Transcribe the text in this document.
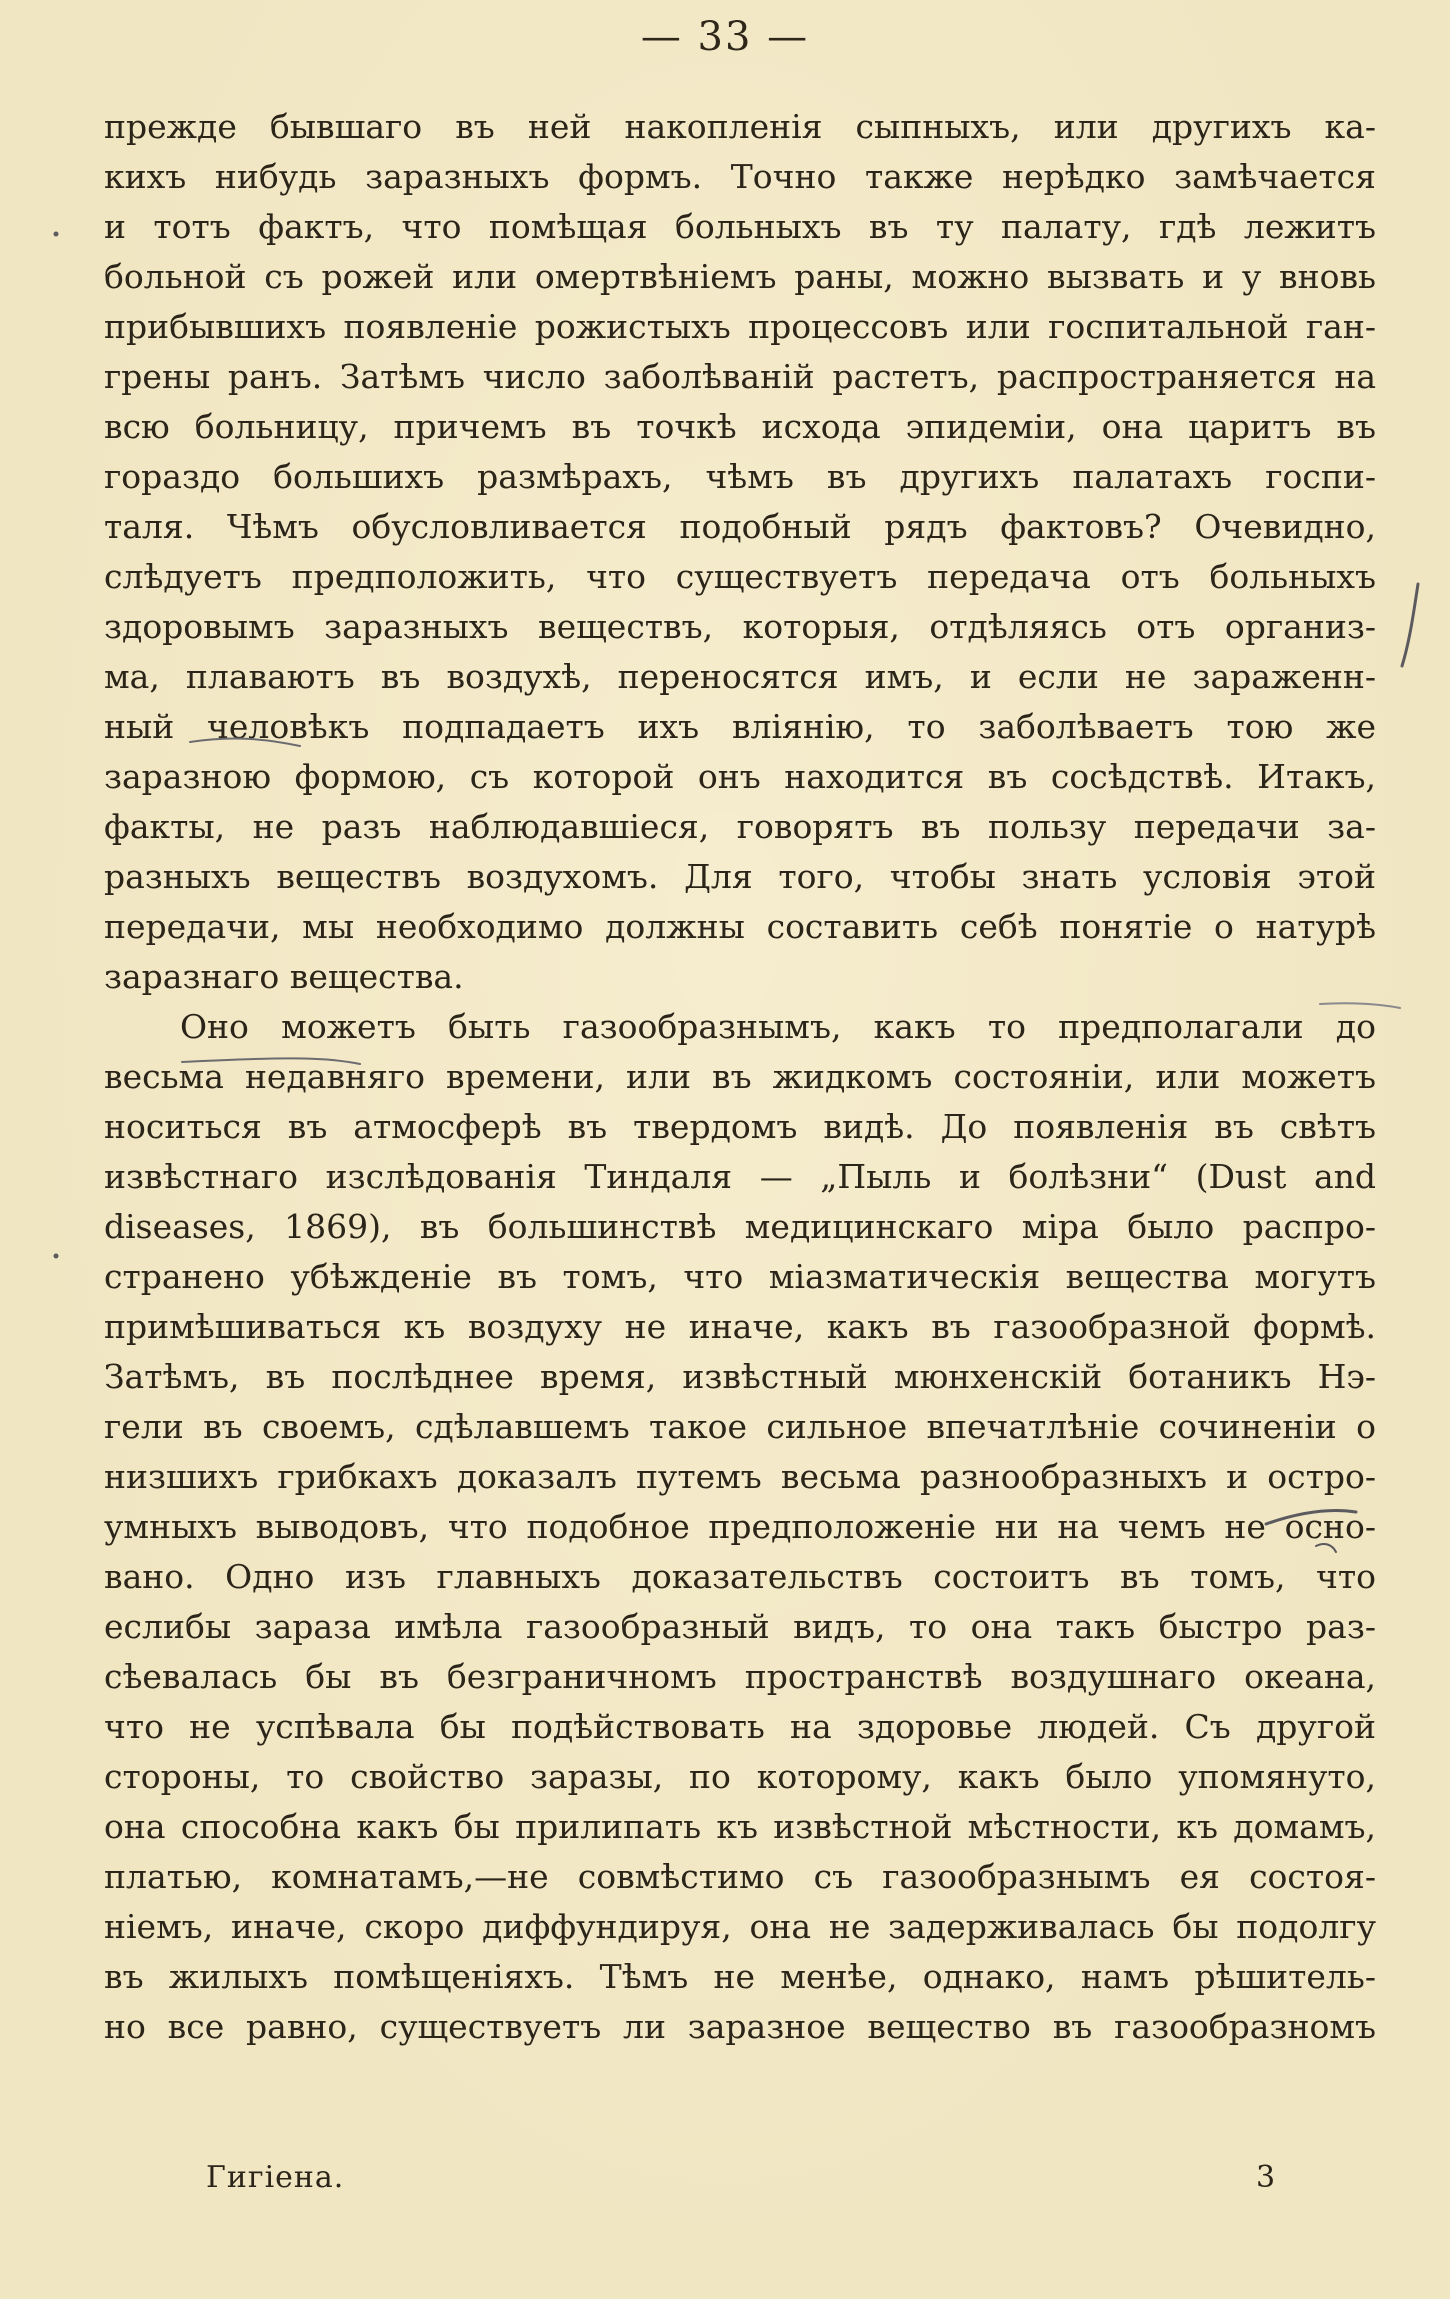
— 33 —
прежде бывшаго въ ней накопленія сыпныхъ, или другихъ ка-
кихъ нибудь заразныхъ формъ. Точно также нерѣдко замѣчается
и тотъ фактъ, что помѣщая больныхъ въ ту палату, гдѣ лежитъ
больной съ рожей или омертвѣніемъ раны, можно вызвать и у вновь
прибывшихъ появленіе рожистыхъ процессовъ или госпитальной ган-
грены ранъ. Затѣмъ число заболѣваній растетъ, распространяется на
всю больницу, причемъ въ точкѣ исхода эпидеміи, она царитъ въ
гораздо большихъ размѣрахъ, чѣмъ въ другихъ палатахъ госпи-
таля. Чѣмъ обусловливается подобный рядъ фактовъ? Очевидно,
слѣдуетъ предположить, что существуетъ передача отъ больныхъ
здоровымъ заразныхъ веществъ, которыя, отдѣляясь отъ организ-
ма, плаваютъ въ воздухѣ, переносятся имъ, и если не зараженн-
ный человѣкъ подпадаетъ ихъ вліянію, то заболѣваетъ тою же
заразною формою, съ которой онъ находится въ сосѣдствѣ. Итакъ,
факты, не разъ наблюдавшіеся, говорятъ въ пользу передачи за-
разныхъ веществъ воздухомъ. Для того, чтобы знать условія этой
передачи, мы необходимо должны составить себѣ понятіе о натурѣ
заразнаго вещества.
Оно можетъ быть газообразнымъ, какъ то предполагали до
весьма недавняго времени, или въ жидкомъ состояніи, или можетъ
носиться въ атмосферѣ въ твердомъ видѣ. До появленія въ свѣтъ
извѣстнаго изслѣдованія Тиндаля — „Пыль и болѣзни“ (Dust and
diseases, 1869), въ большинствѣ медицинскаго міра было распро-
странено убѣжденіе въ томъ, что міазматическія вещества могутъ
примѣшиваться къ воздуху не иначе, какъ въ газообразной формѣ.
Затѣмъ, въ послѣднее время, извѣстный мюнхенскій ботаникъ Нэ-
гели въ своемъ, сдѣлавшемъ такое сильное впечатлѣніе сочиненіи о
низшихъ грибкахъ доказалъ путемъ весьма разнообразныхъ и остро-
умныхъ выводовъ, что подобное предположеніе ни на чемъ не осно-
вано. Одно изъ главныхъ доказательствъ состоитъ въ томъ, что
еслибы зараза имѣла газообразный видъ, то она такъ быстро раз-
сѣевалась бы въ безграничномъ пространствѣ воздушнаго океана,
что не успѣвала бы подѣйствовать на здоровье людей. Съ другой
стороны, то свойство заразы, по которому, какъ было упомянуто,
она способна какъ бы прилипать къ извѣстной мѣстности, къ домамъ,
платью, комнатамъ,—не совмѣстимо съ газообразнымъ ея состоя-
ніемъ, иначе, скоро диффундируя, она не задерживалась бы подолгу
въ жилыхъ помѣщеніяхъ. Тѣмъ не менѣе, однако, намъ рѣшитель-
но все равно, существуетъ ли заразное вещество въ газообразномъ
Гигіена.	3
